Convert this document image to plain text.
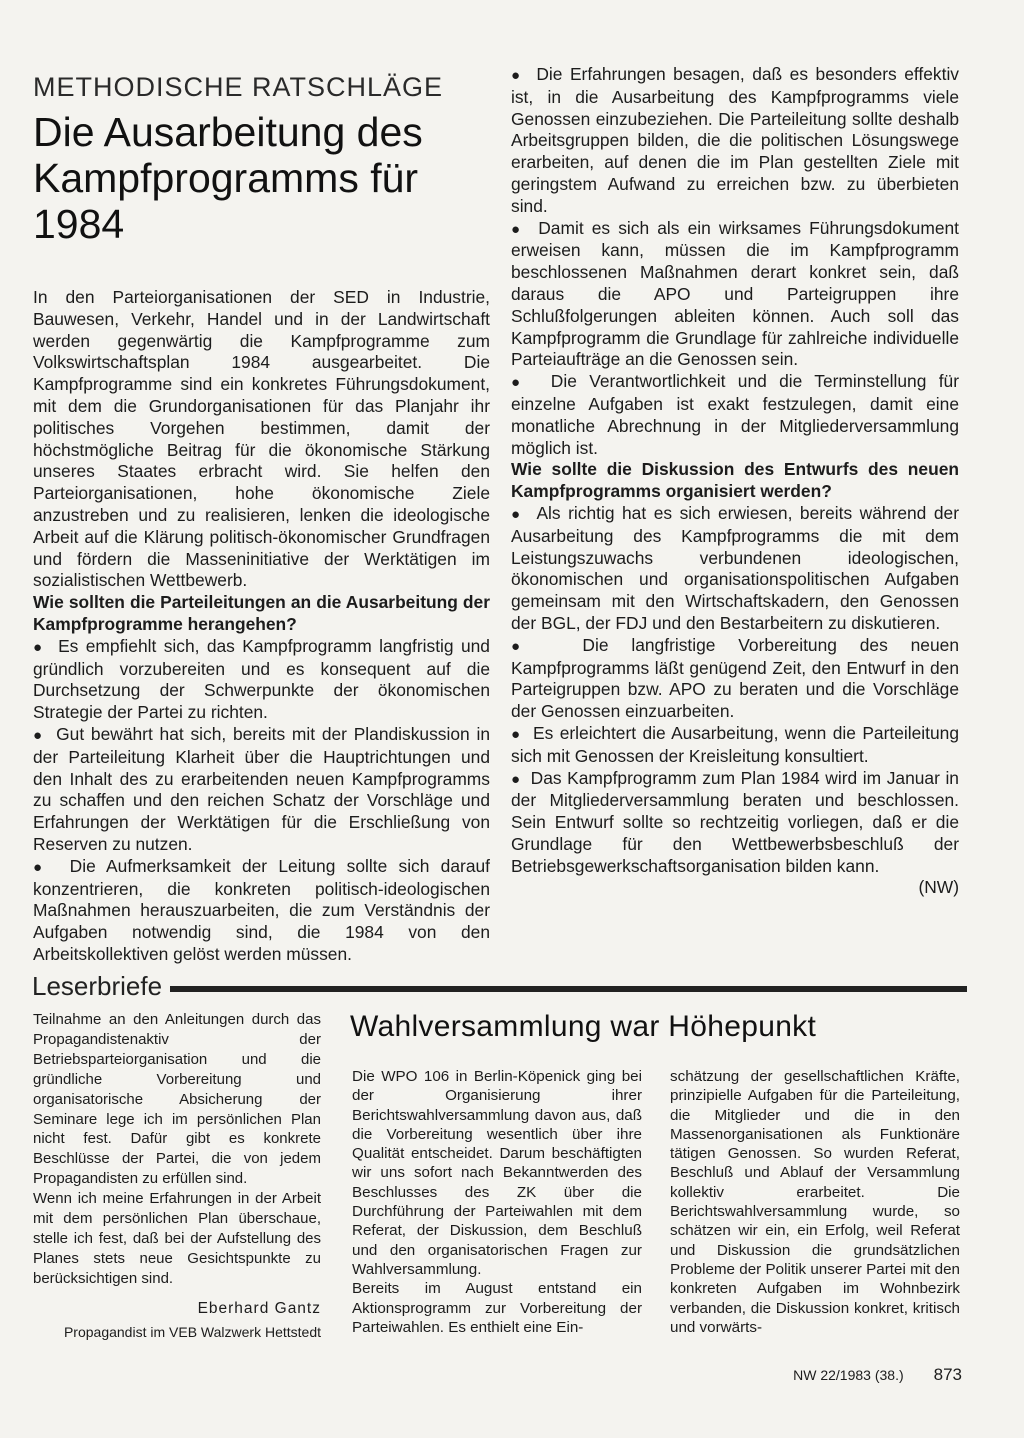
METHODISCHE RATSCHLÄGE
Die Ausarbeitung des Kampfprogramms für 1984

In den Parteiorganisationen der SED in Industrie, Bauwesen, Verkehr, Handel und in der Landwirtschaft werden gegenwärtig die Kampfprogramme zum Volkswirtschaftsplan 1984 ausgearbeitet. Die Kampfprogramme sind ein konkretes Führungsdokument, mit dem die Grundorganisationen für das Planjahr ihr politisches Vorgehen bestimmen, damit der höchstmögliche Beitrag für die ökonomische Stärkung unseres Staates erbracht wird. Sie helfen den Parteiorganisationen, hohe ökonomische Ziele anzustreben und zu realisieren, lenken die ideologische Arbeit auf die Klärung politisch-ökonomischer Grundfragen und fördern die Masseninitiative der Werktätigen im sozialistischen Wettbewerb.

Wie sollten die Parteileitungen an die Ausarbeitung der Kampfprogramme herangehen?

●  Es empfiehlt sich, das Kampfprogramm langfristig und gründlich vorzubereiten und es konsequent auf die Durchsetzung der Schwerpunkte der ökonomischen Strategie der Partei zu richten.

●  Gut bewährt hat sich, bereits mit der Plandiskussion in der Parteileitung Klarheit über die Hauptrichtungen und den Inhalt des zu erarbeitenden neuen Kampfprogramms zu schaffen und den reichen Schatz der Vorschläge und Erfahrungen der Werktätigen für die Erschließung von Reserven zu nutzen.

●  Die Aufmerksamkeit der Leitung sollte sich darauf konzentrieren, die konkreten politisch-ideologischen Maßnahmen herauszuarbeiten, die zum Verständnis der Aufgaben notwendig sind, die 1984 von den Arbeitskollektiven gelöst werden müssen.

●  Die Erfahrungen besagen, daß es besonders effektiv ist, in die Ausarbeitung des Kampfprogramms viele Genossen einzubeziehen. Die Parteileitung sollte deshalb Arbeitsgruppen bilden, die die politischen Lösungswege erarbeiten, auf denen die im Plan gestellten Ziele mit geringstem Aufwand zu erreichen bzw. zu überbieten sind.

●  Damit es sich als ein wirksames Führungsdokument erweisen kann, müssen die im Kampfprogramm beschlossenen Maßnahmen derart konkret sein, daß daraus die APO und Parteigruppen ihre Schlußfolgerungen ableiten können. Auch soll das Kampfprogramm die Grundlage für zahlreiche individuelle Parteiaufträge an die Genossen sein.

●  Die Verantwortlichkeit und die Terminstellung für einzelne Aufgaben ist exakt festzulegen, damit eine monatliche Abrechnung in der Mitgliederversammlung möglich ist.

Wie sollte die Diskussion des Entwurfs des neuen Kampfprogramms organisiert werden?

●  Als richtig hat es sich erwiesen, bereits während der Ausarbeitung des Kampfprogramms die mit dem Leistungszuwachs verbundenen ideologischen, ökonomischen und organisationspolitischen Aufgaben gemeinsam mit den Wirtschaftskadern, den Genossen der BGL, der FDJ und den Bestarbeitern zu diskutieren.

●  Die langfristige Vorbereitung des neuen Kampfprogramms läßt genügend Zeit, den Entwurf in den Parteigruppen bzw. APO zu beraten und die Vorschläge der Genossen einzuarbeiten.

●  Es erleichtert die Ausarbeitung, wenn die Parteileitung sich mit Genossen der Kreisleitung konsultiert.

●  Das Kampfprogramm zum Plan 1984 wird im Januar in der Mitgliederversammlung beraten und beschlossen. Sein Entwurf sollte so rechtzeitig vorliegen, daß er die Grundlage für den Wettbewerbsbeschluß der Betriebsgewerkschaftsorganisation bilden kann.

(NW)
Leserbriefe

Teilnahme an den Anleitungen durch das Propagandistenaktiv der Betriebsparteiorganisation und die gründliche Vorbereitung und organisatorische Absicherung der Seminare lege ich im persönlichen Plan nicht fest. Dafür gibt es konkrete Beschlüsse der Partei, die von jedem Propagandisten zu erfüllen sind.

Wenn ich meine Erfahrungen in der Arbeit mit dem persönlichen Plan überschaue, stelle ich fest, daß bei der Aufstellung des Planes stets neue Gesichtspunkte zu berücksichtigen sind.

Eberhard Gantz
Propagandist im VEB Walzwerk Hettstedt
Wahlversammlung war Höhepunkt

Die WPO 106 in Berlin-Köpenick ging bei der Organisierung ihrer Berichtswahlversammlung davon aus, daß die Vorbereitung wesentlich über ihre Qualität entscheidet. Darum beschäftigten wir uns sofort nach Bekanntwerden des Beschlusses des ZK über die Durchführung der Parteiwahlen mit dem Referat, der Diskussion, dem Beschluß und den organisatorischen Fragen zur Wahlversammlung.

Bereits im August entstand ein Aktionsprogramm zur Vorbereitung der Parteiwahlen. Es enthielt eine Ein-

schätzung der gesellschaftlichen Kräfte, prinzipielle Aufgaben für die Parteileitung, die Mitglieder und die in den Massenorganisationen als Funktionäre tätigen Genossen. So wurden Referat, Beschluß und Ablauf der Versammlung kollektiv erarbeitet. Die Berichtswahlversammlung wurde, so schätzen wir ein, ein Erfolg, weil Referat und Diskussion die grundsätzlichen Probleme der Politik unserer Partei mit den konkreten Aufgaben im Wohnbezirk verbanden, die Diskussion konkret, kritisch und vorwärts-

NW 22/1983 (38.) 873
